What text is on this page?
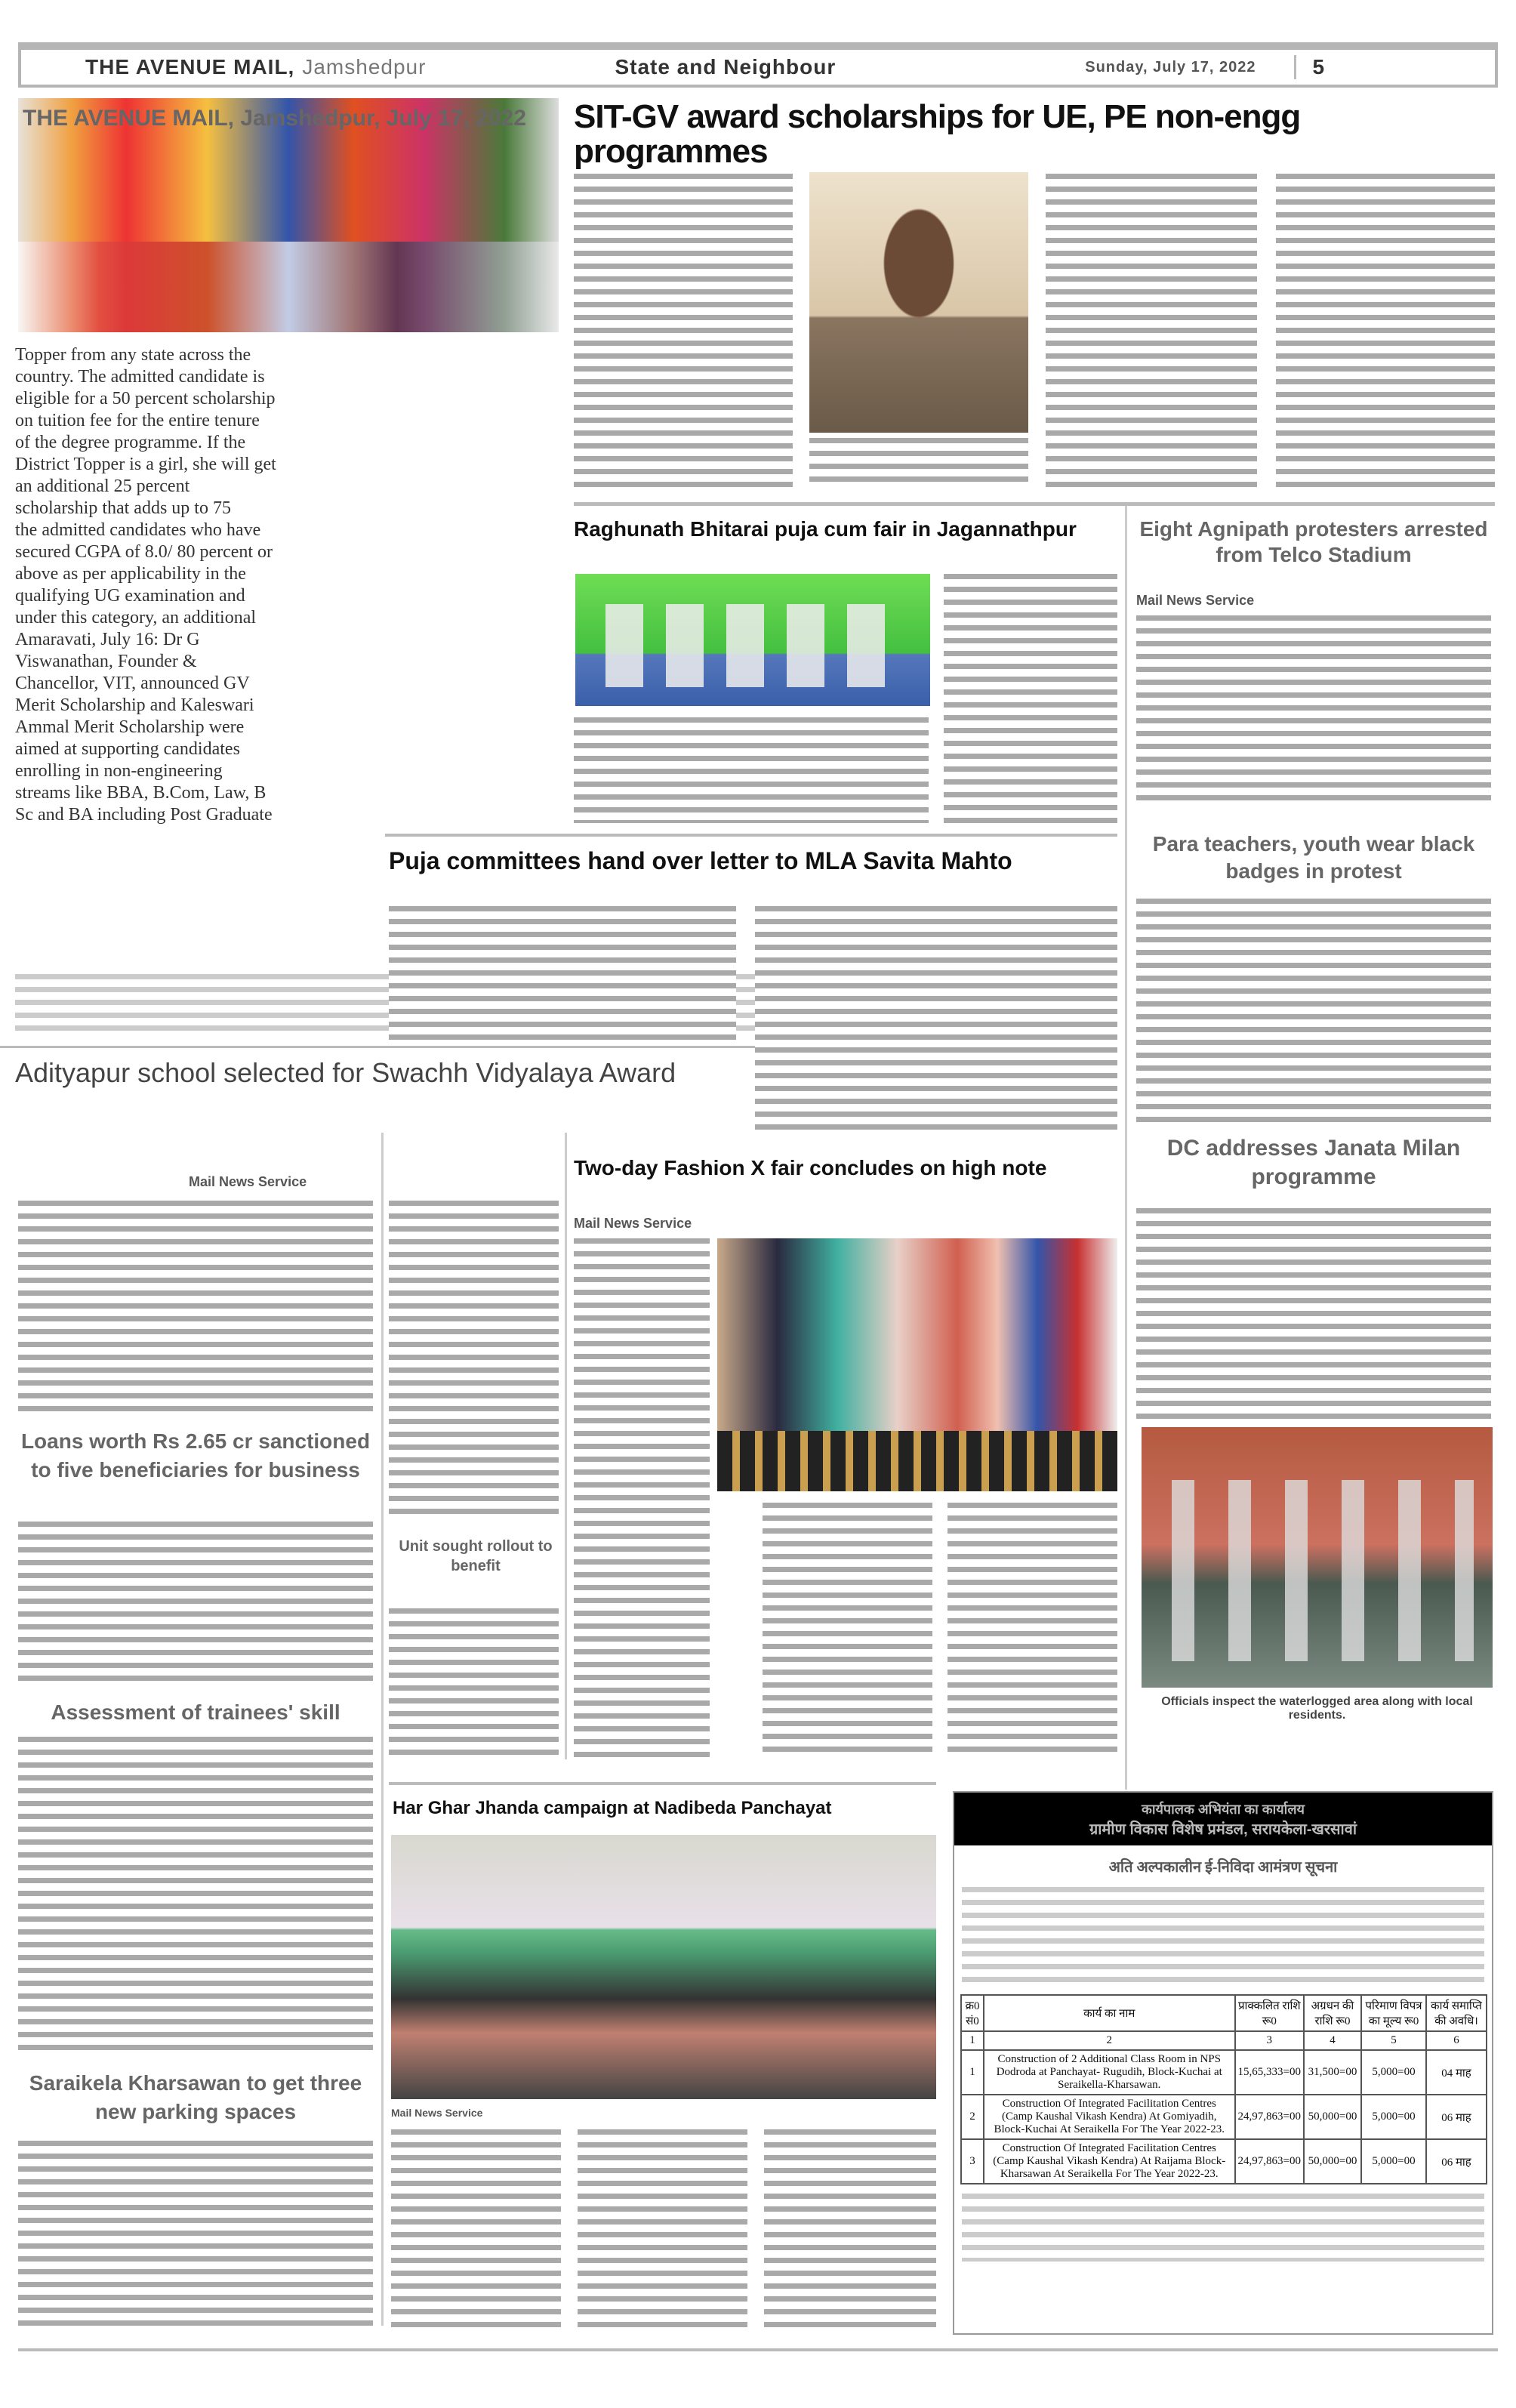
THE AVENUE MAIL, Jamshedpur	State and Neighbour	Sunday, July 17, 2022	5
THE AVENUE MAIL, Jamshedpur, July 17, 2022	SIT-GV award scholarships for UE, PE non-engg programmes

Topper from any state across the

country. The admitted candidate is

eligible for a 50 percent scholarship

on tuition fee for the entire tenure

of the degree programme. If the

District Topper is a girl, she will get

an additional 25 percent

scholarship that adds up to 75

the admitted candidates who have

secured CGPA of 8.0/ 80 percent or

above as per applicability in the

qualifying UG examination and

under this category, an additional

Amaravati, July 16: Dr G

Viswanathan, Founder &

Chancellor, VIT, announced GV

Merit Scholarship and Kaleswari

Ammal Merit Scholarship were

aimed at supporting candidates

enrolling in non-engineering

streams like BBA, B.Com, Law, B

Sc and BA including Post Graduate

Raghunath Bhitarai puja cum fair in Jagannathpur	Eight Agnipath protesters arrested from Telco Stadium
Mail News Service
Puja committees hand over letter to MLA Savita Mahto
Para teachers, youth wear black badges in protest
Adityapur school selected for Swachh Vidyalaya Award
Mail News Service
DC addresses Janata Milan programme
Two-day Fashion X fair concludes on high note
Mail News Service
Loans worth Rs 2.65 cr sanctioned to five beneficiaries for business
Unit sought rollout to benefit
Officials inspect the waterlogged area along with local residents.
Assessment of trainees' skill
Har Ghar Jhanda campaign at Nadibeda Panchayat
Mail News Service
Saraikela Kharsawan to get three new parking spaces
कार्यपालक अभियंता का कार्यालय
ग्रामीण विकास विशेष प्रमंडल, सरायकेला-खरसावां
अति अल्पकालीन ई-निविदा आमंत्रण सूचना
क्र0 सं0	कार्य का नाम	प्राक्कलित राशि रू0	अग्रधन की राशि रू0	परिमाण विपत्र का मूल्य रू0	कार्य समाप्ति की अवधि।
1	2	3	4	5	6
1	Construction of 2 Additional Class Room in NPS Dodroda at Panchayat- Rugudih, Block-Kuchai at Seraikella-Kharsawan.	15,65,333=00	31,500=00	5,000=00	04 माह
2	Construction Of Integrated Facilitation Centres (Camp Kaushal Vikash Kendra) At Gomiyadih, Block-Kuchai At Seraikella For The Year 2022-23.	24,97,863=00	50,000=00	5,000=00	06 माह
3	Construction Of Integrated Facilitation Centres (Camp Kaushal Vikash Kendra) At Raijama Block-Kharsawan At Seraikella For The Year 2022-23.	24,97,863=00	50,000=00	5,000=00	06 माह
